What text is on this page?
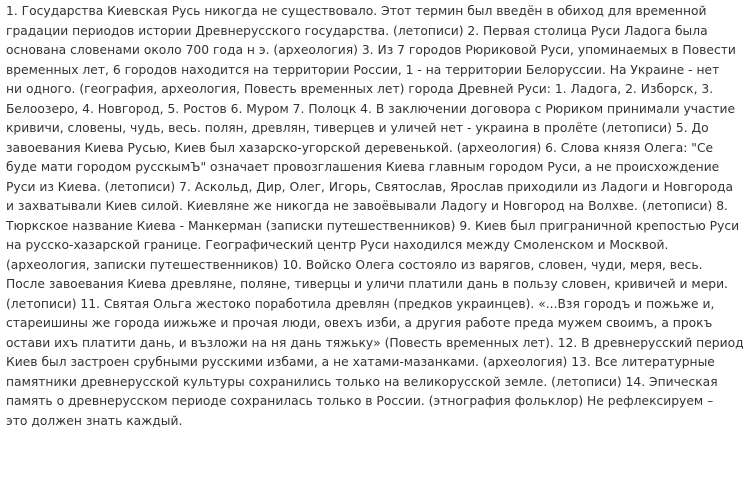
1. Государства Киевская Русь никогда не существовало. Этот термин был введён в обиход для временной
градации периодов истории Древнерусского государства. (летописи) 2. Первая столица Руси Ладога была
основана словенами около 700 года н э. (археология) 3. Из 7 городов Рюриковой Руси, упоминаемых в Повести
временных лет, 6 городов находится на территории России, 1 - на территории Белоруссии. На Украине - нет
ни одного. (география, археология, Повесть временных лет) города Древней Руси: 1. Ладога, 2. Изборск, 3.
Белоозеро, 4. Новгород, 5. Ростов 6. Муром 7. Полоцк 4. В заключении договора с Рюриком принимали участие
кривичи, словены, чудь, весь. полян, древлян, тиверцев и уличей нет - украина в пролёте (летописи) 5. До
завоевания Киева Русью, Киев был хазарско-угорской деревенькой. (археология) 6. Слова князя Олега: "Се
буде мати городом русскымЪ" означает провозглашения Киева главным городом Руси, а не происхождение
Руси из Киева. (летописи) 7. Аскольд, Дир, Олег, Игорь, Святослав, Ярослав приходили из Ладоги и Новгорода
и захватывали Киев силой. Киевляне же никогда не завоёвывали Ладогу и Новгород на Волхве. (летописи) 8.
Тюркское название Киева - Манкерман (записки путешественников) 9. Киев был приграничной крепостью Руси
на русско-хазарской границе. Географический центр Руси находился между Смоленском и Москвой.
(археология, записки путешественников) 10. Войско Олега состояло из варягов, словен, чуди, меря, весь.
После завоевания Киева древляне, поляне, тиверцы и уличи платили дань в пользу словен, кривичей и мери.
(летописи) 11. Святая Ольга жестоко поработила древлян (предков украинцев). «...Взя городъ и пожьже и,
стареишины же города иижьже и прочая люди, овехъ изби, а другия работе преда мужем своимъ, а прокъ
остави ихъ платити дань, и възложи на ня дань тяжьку» (Повесть временных лет). 12. В древнерусский период
Киев был застроен срубными русскими избами, а не хатами-мазанками. (археология) 13. Все литературные
памятники древнерусской культуры сохранились только на великорусской земле. (летописи) 14. Эпическая
память о древнерусском периоде сохранилась только в России. (этнография фольклор) Не рефлексируем –
это должен знать каждый.
